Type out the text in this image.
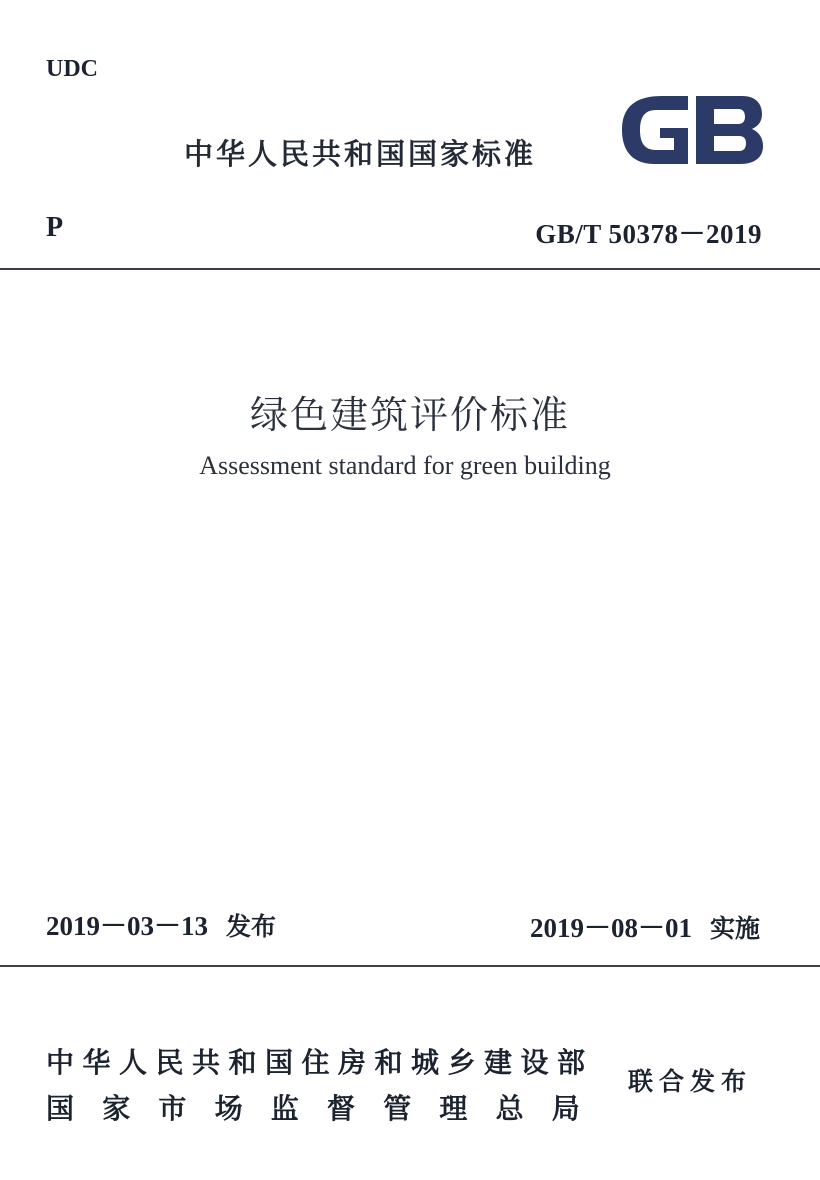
UDC
中华人民共和国国家标准
P	GB/T 50378－2019
绿色建筑评价标准
Assessment standard for green building
2019－03－13 发布	2019－08－01 实施
中华人民共和国住房和城乡建设部
国家市场监督管理总局
联合发布
